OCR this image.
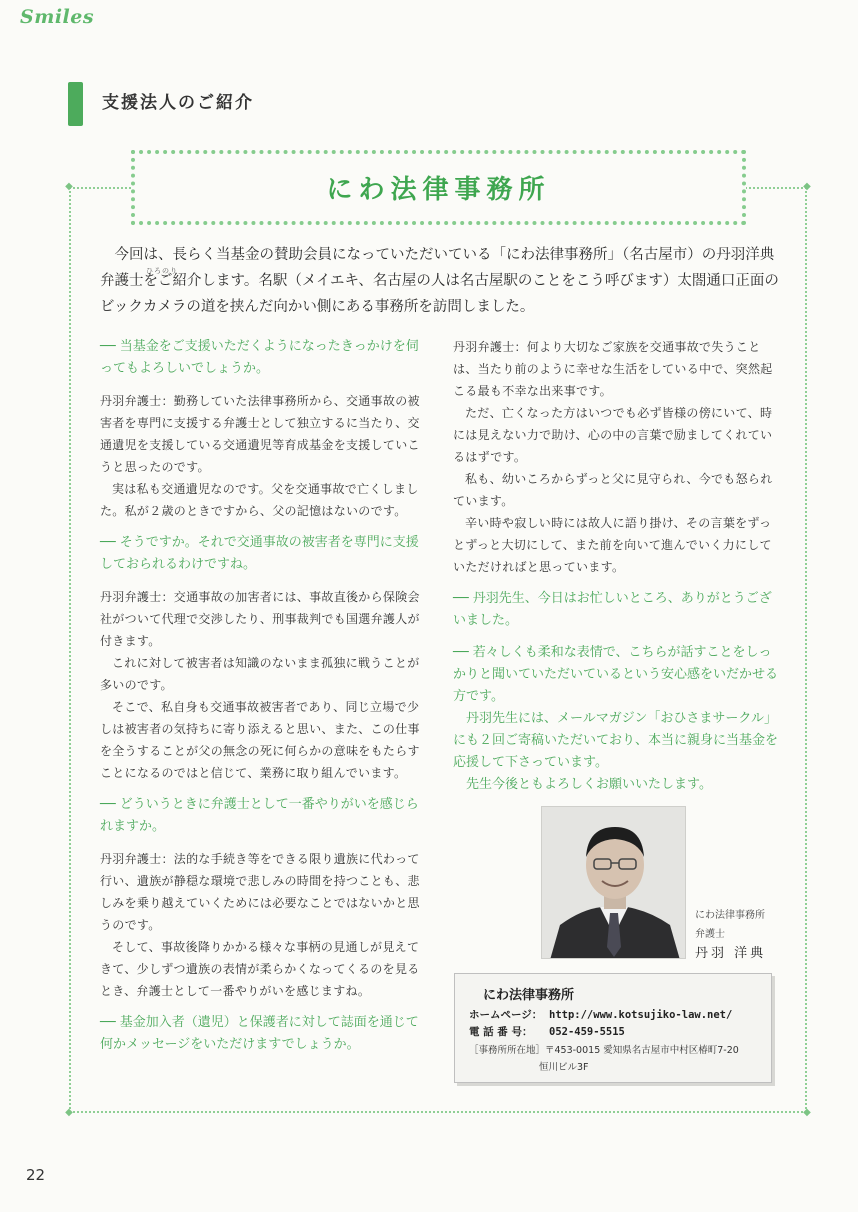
Smiles
支援法人のご紹介
◆	◆
◆	◆
にわ法律事務所
ひろのり

今回は、長らく当基金の賛助会員になっていただいている「にわ法律事務所」（名古屋市）の丹羽洋典弁護士をご紹介します。名駅（メイエキ、名古屋の人は名古屋駅のことをこう呼びます）太閤通口正面のビックカメラの道を挟んだ向かい側にある事務所を訪問しました。

── 当基金をご支援いただくようになったきっかけを伺ってもよろしいでしょうか。
丹羽弁護士：勤務していた法律事務所から、交通事故の被害者を専門に支援する弁護士として独立するに当たり、交通遺児を支援している交通遺児等育成基金を支援していこうと思ったのです。
実は私も交通遺児なのです。父を交通事故で亡くしました。私が２歳のときですから、父の記憶はないのです。
── そうですか。それで交通事故の被害者を専門に支援しておられるわけですね。
丹羽弁護士：交通事故の加害者には、事故直後から保険会社がついて代理で交渉したり、刑事裁判でも国選弁護人が付きます。
これに対して被害者は知識のないまま孤独に戦うことが多いのです。
そこで、私自身も交通事故被害者であり、同じ立場で少しは被害者の気持ちに寄り添えると思い、また、この仕事を全うすることが父の無念の死に何らかの意味をもたらすことになるのではと信じて、業務に取り組んでいます。
── どういうときに弁護士として一番やりがいを感じられますか。
丹羽弁護士：法的な手続き等をできる限り遺族に代わって行い、遺族が静穏な環境で悲しみの時間を持つことも、悲しみを乗り越えていくためには必要なことではないかと思うのです。
そして、事故後降りかかる様々な事柄の見通しが見えてきて、少しずつ遺族の表情が柔らかくなってくるのを見るとき、弁護士として一番やりがいを感じますね。
── 基金加入者（遺児）と保護者に対して誌面を通じて何かメッセージをいただけますでしょうか。
丹羽弁護士：何より大切なご家族を交通事故で失うことは、当たり前のように幸せな生活をしている中で、突然起こる最も不幸な出来事です。
ただ、亡くなった方はいつでも必ず皆様の傍にいて、時には見えない力で助け、心の中の言葉で励ましてくれているはずです。
私も、幼いころからずっと父に見守られ、今でも怒られています。
辛い時や寂しい時には故人に語り掛け、その言葉をずっとずっと大切にして、また前を向いて進んでいく力にしていただければと思っています。
── 丹羽先生、今日はお忙しいところ、ありがとうございました。
── 若々しくも柔和な表情で、こちらが話すことをしっかりと聞いていただいているという安心感をいだかせる方です。
丹羽先生には、メールマガジン「おひさまサークル」にも２回ご寄稿いただいており、本当に親身に当基金を応援して下さっています。
先生今後ともよろしくお願いいたします。
にわ法律事務所
弁護士
丹羽 洋典
にわ法律事務所
ホームページ： http://www.kotsujiko-law.net/
電 話 番 号： 052-459-5515
［事務所所在地］〒453-0015 愛知県名古屋市中村区椿町7-20
恒川ビル3F
22
